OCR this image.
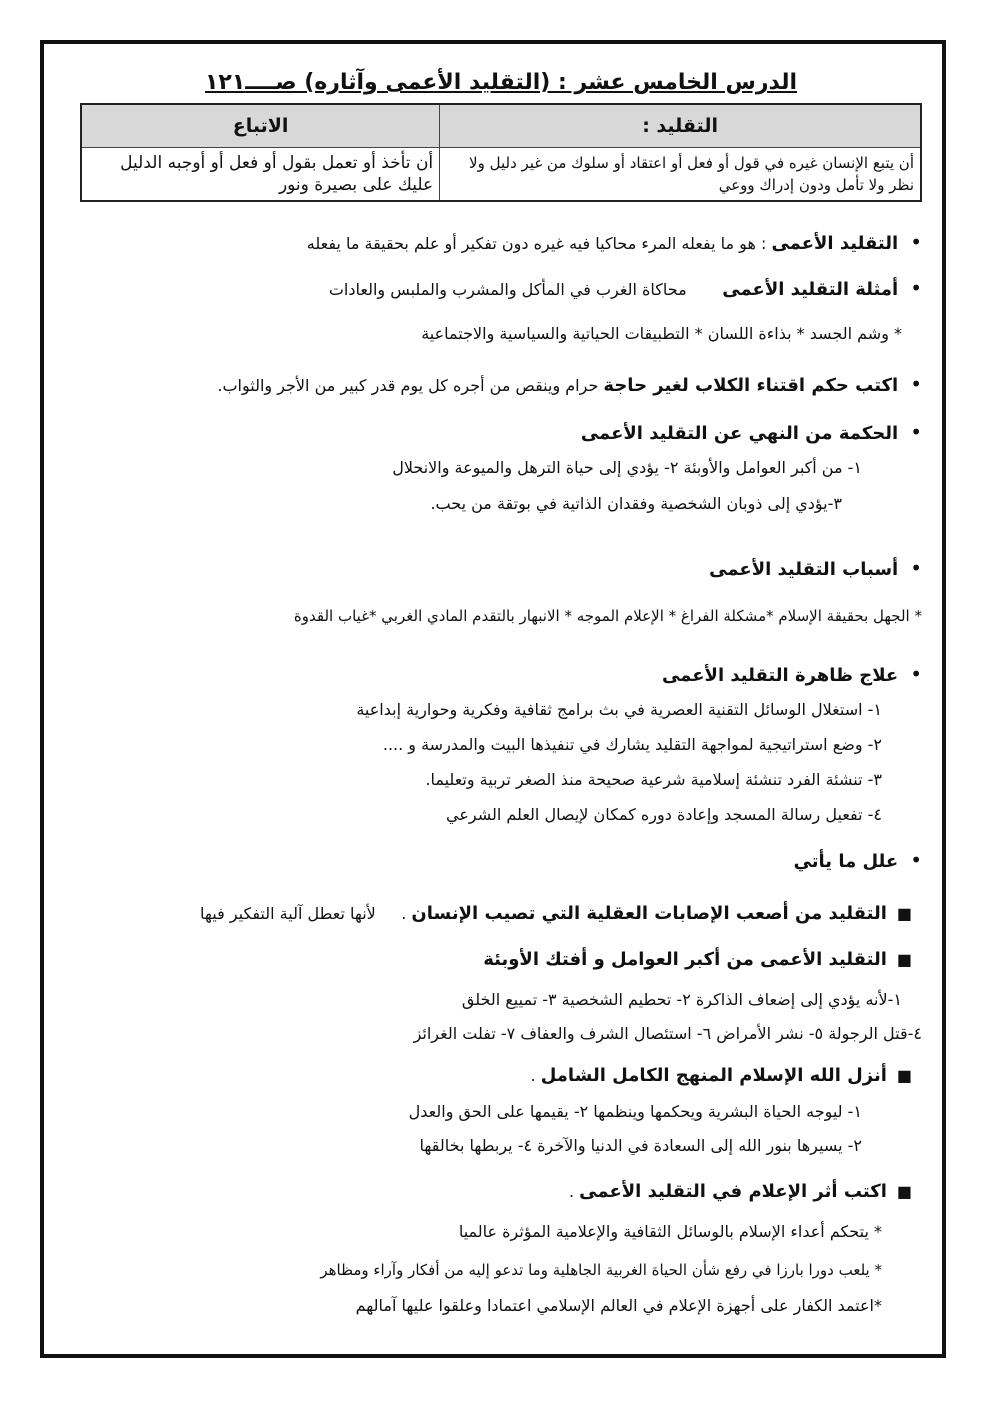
الدرس الخامس عشر : (التقليد الأعمى وآثاره) صــــ١٢١
التقليد :	الاتباع
أن يتبع الإنسان غيره في قول أو فعل أو اعتقاد أو سلوك من غير دليل ولا نظر ولا تأمل ودون إدراك ووعي	أن تأخذ أو تعمل بقول أو فعل أو أوجبه الدليل عليك على بصيرة ونور
• التقليد الأعمى : هو ما يفعله المرء محاكيا فيه غيره دون تفكير أو علم بحقيقة ما يفعله
• أمثلة التقليد الأعمى       محاكاة الغرب في المأكل والمشرب والملبس والعادات
* وشم الجسد * بذاءة اللسان * التطبيقات الحياتية والسياسية والاجتماعية
• اكتب حكم اقتناء الكلاب لغير حاجة حرام وينقص من أجره كل يوم قدر كبير من الأجر والثواب.
• الحكمة من النهي عن التقليد الأعمى
١- من أكبر العوامل والأوبئة ٢- يؤدي إلى حياة الترهل والميوعة والانحلال
٣-يؤدي إلى ذوبان الشخصية وفقدان الذاتية في بوتقة من يحب.
• أسباب التقليد الأعمى
* الجهل بحقيقة الإسلام *مشكلة الفراغ * الإعلام الموجه * الانبهار بالتقدم المادي الغربي *غياب القدوة
• علاج ظاهرة التقليد الأعمى
١- استغلال الوسائل التقنية العصرية في بث برامج ثقافية وفكرية وحوارية إبداعية
٢- وضع استراتيجية لمواجهة التقليد يشارك في تنفيذها البيت والمدرسة و ....
٣- تنشئة الفرد تنشئة إسلامية شرعية صحيحة منذ الصغر تربية وتعليما.
٤- تفعيل رسالة المسجد وإعادة دوره كمكان لإيصال العلم الشرعي
• علل ما يأتي
■ التقليد من أصعب الإصابات العقلية التي تصيب الإنسان .     لأنها تعطل آلية التفكير فيها
■ التقليد الأعمى من أكبر العوامل و أفتك الأوبئة
١-لأنه يؤدي إلى إضعاف الذاكرة ٢- تحطيم الشخصية ٣- تمييع الخلق
٤-قتل الرجولة ٥- نشر الأمراض ٦- استئصال الشرف والعفاف ٧- تفلت الغرائز
■ أنزل الله الإسلام المنهج الكامل الشامل .
١- ليوجه الحياة البشرية ويحكمها وينظمها ٢- يقيمها على الحق والعدل
٢- يسيرها بنور الله إلى السعادة في الدنيا والآخرة ٤- يربطها بخالقها
■ اكتب أثر الإعلام في التقليد الأعمى .
* يتحكم أعداء الإسلام بالوسائل الثقافية والإعلامية المؤثرة عالميا
* يلعب دورا بارزا في رفع شأن الحياة الغربية الجاهلية وما تدعو إليه من أفكار وآراء ومظاهر
*اعتمد الكفار على أجهزة الإعلام في العالم الإسلامي اعتمادا وعلقوا عليها آمالهم
